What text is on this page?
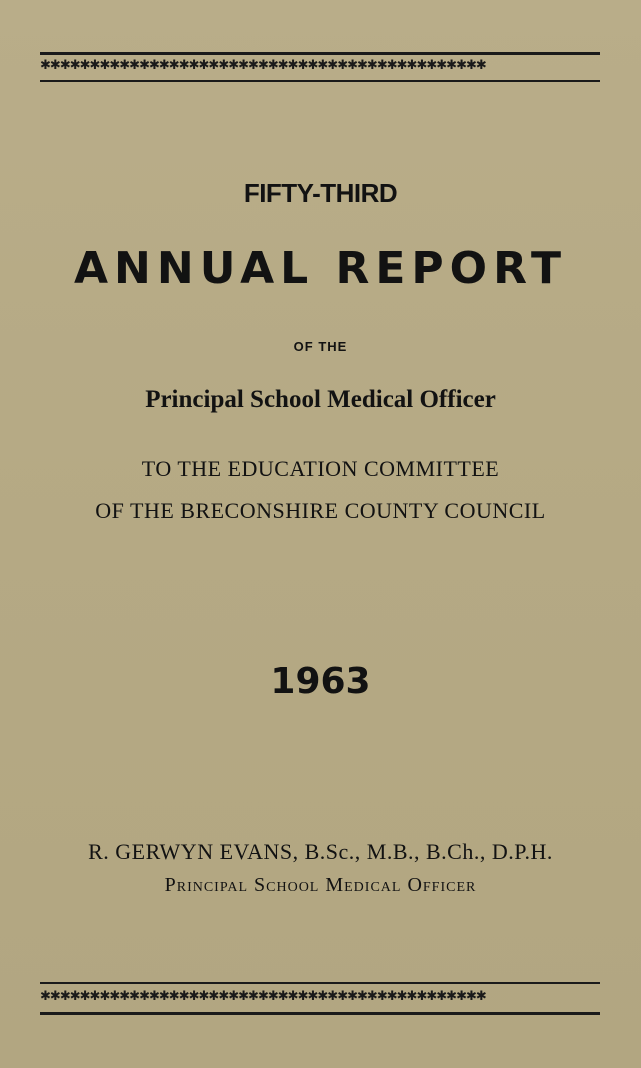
✱✱✱✱✱✱✱✱✱✱✱✱✱✱✱✱✱✱✱✱✱✱✱✱✱✱✱✱✱✱✱✱✱✱✱✱✱✱✱✱✱✱✱✱✱
FIFTY-THIRD
ANNUAL REPORT
OF THE
Principal School Medical Officer
TO THE EDUCATION COMMITTEE
OF THE BRECONSHIRE COUNTY COUNCIL
1963
R. GERWYN EVANS, B.Sc., M.B., B.Ch., D.P.H.
Principal School Medical Officer
✱✱✱✱✱✱✱✱✱✱✱✱✱✱✱✱✱✱✱✱✱✱✱✱✱✱✱✱✱✱✱✱✱✱✱✱✱✱✱✱✱✱✱✱✱
